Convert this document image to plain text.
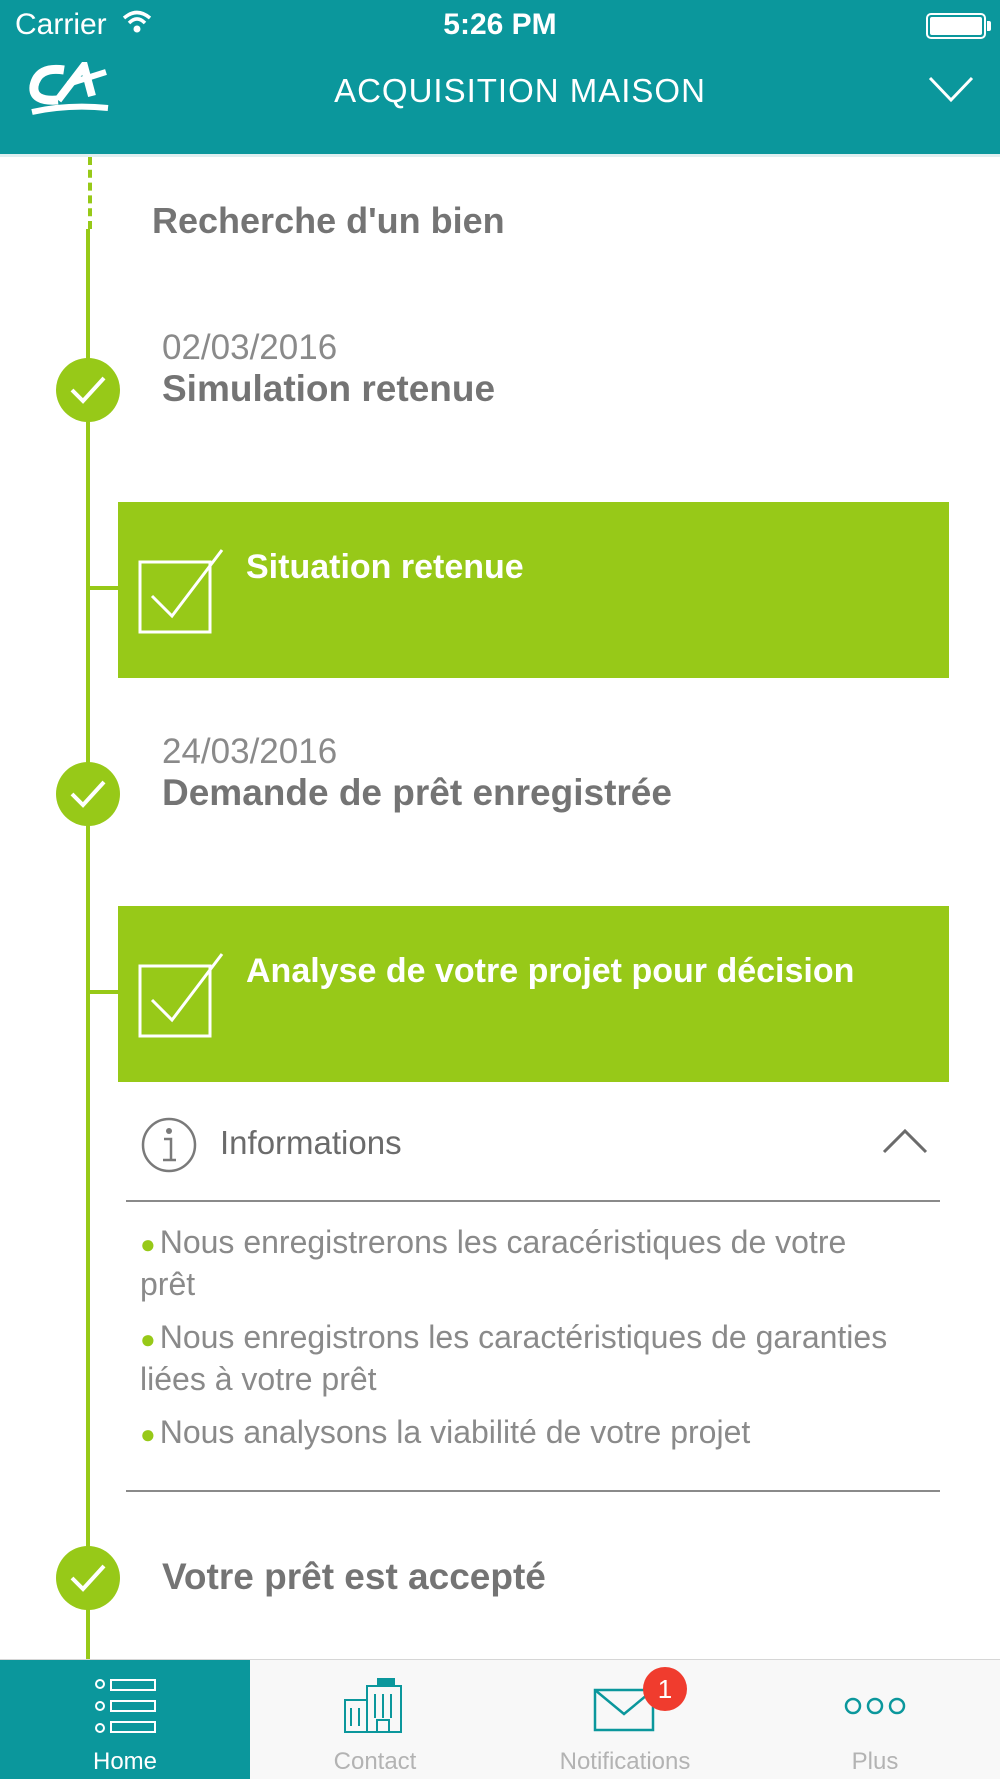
Carrier	5:26 PM
ACQUISITION MAISON
Recherche d'un bien
02/03/2016
Simulation retenue
Situation retenue
24/03/2016
Demande de prêt enregistrée
Analyse de votre projet pour décision
Informations
● Nous enregistrerons les caracéristiques de votre prêt
● Nous enregistrons les caractéristiques de garanties liées à votre prêt
● Nous analysons la viabilité de votre projet
Votre prêt est accepté
Home	Contact	Notifications	Plus
1
